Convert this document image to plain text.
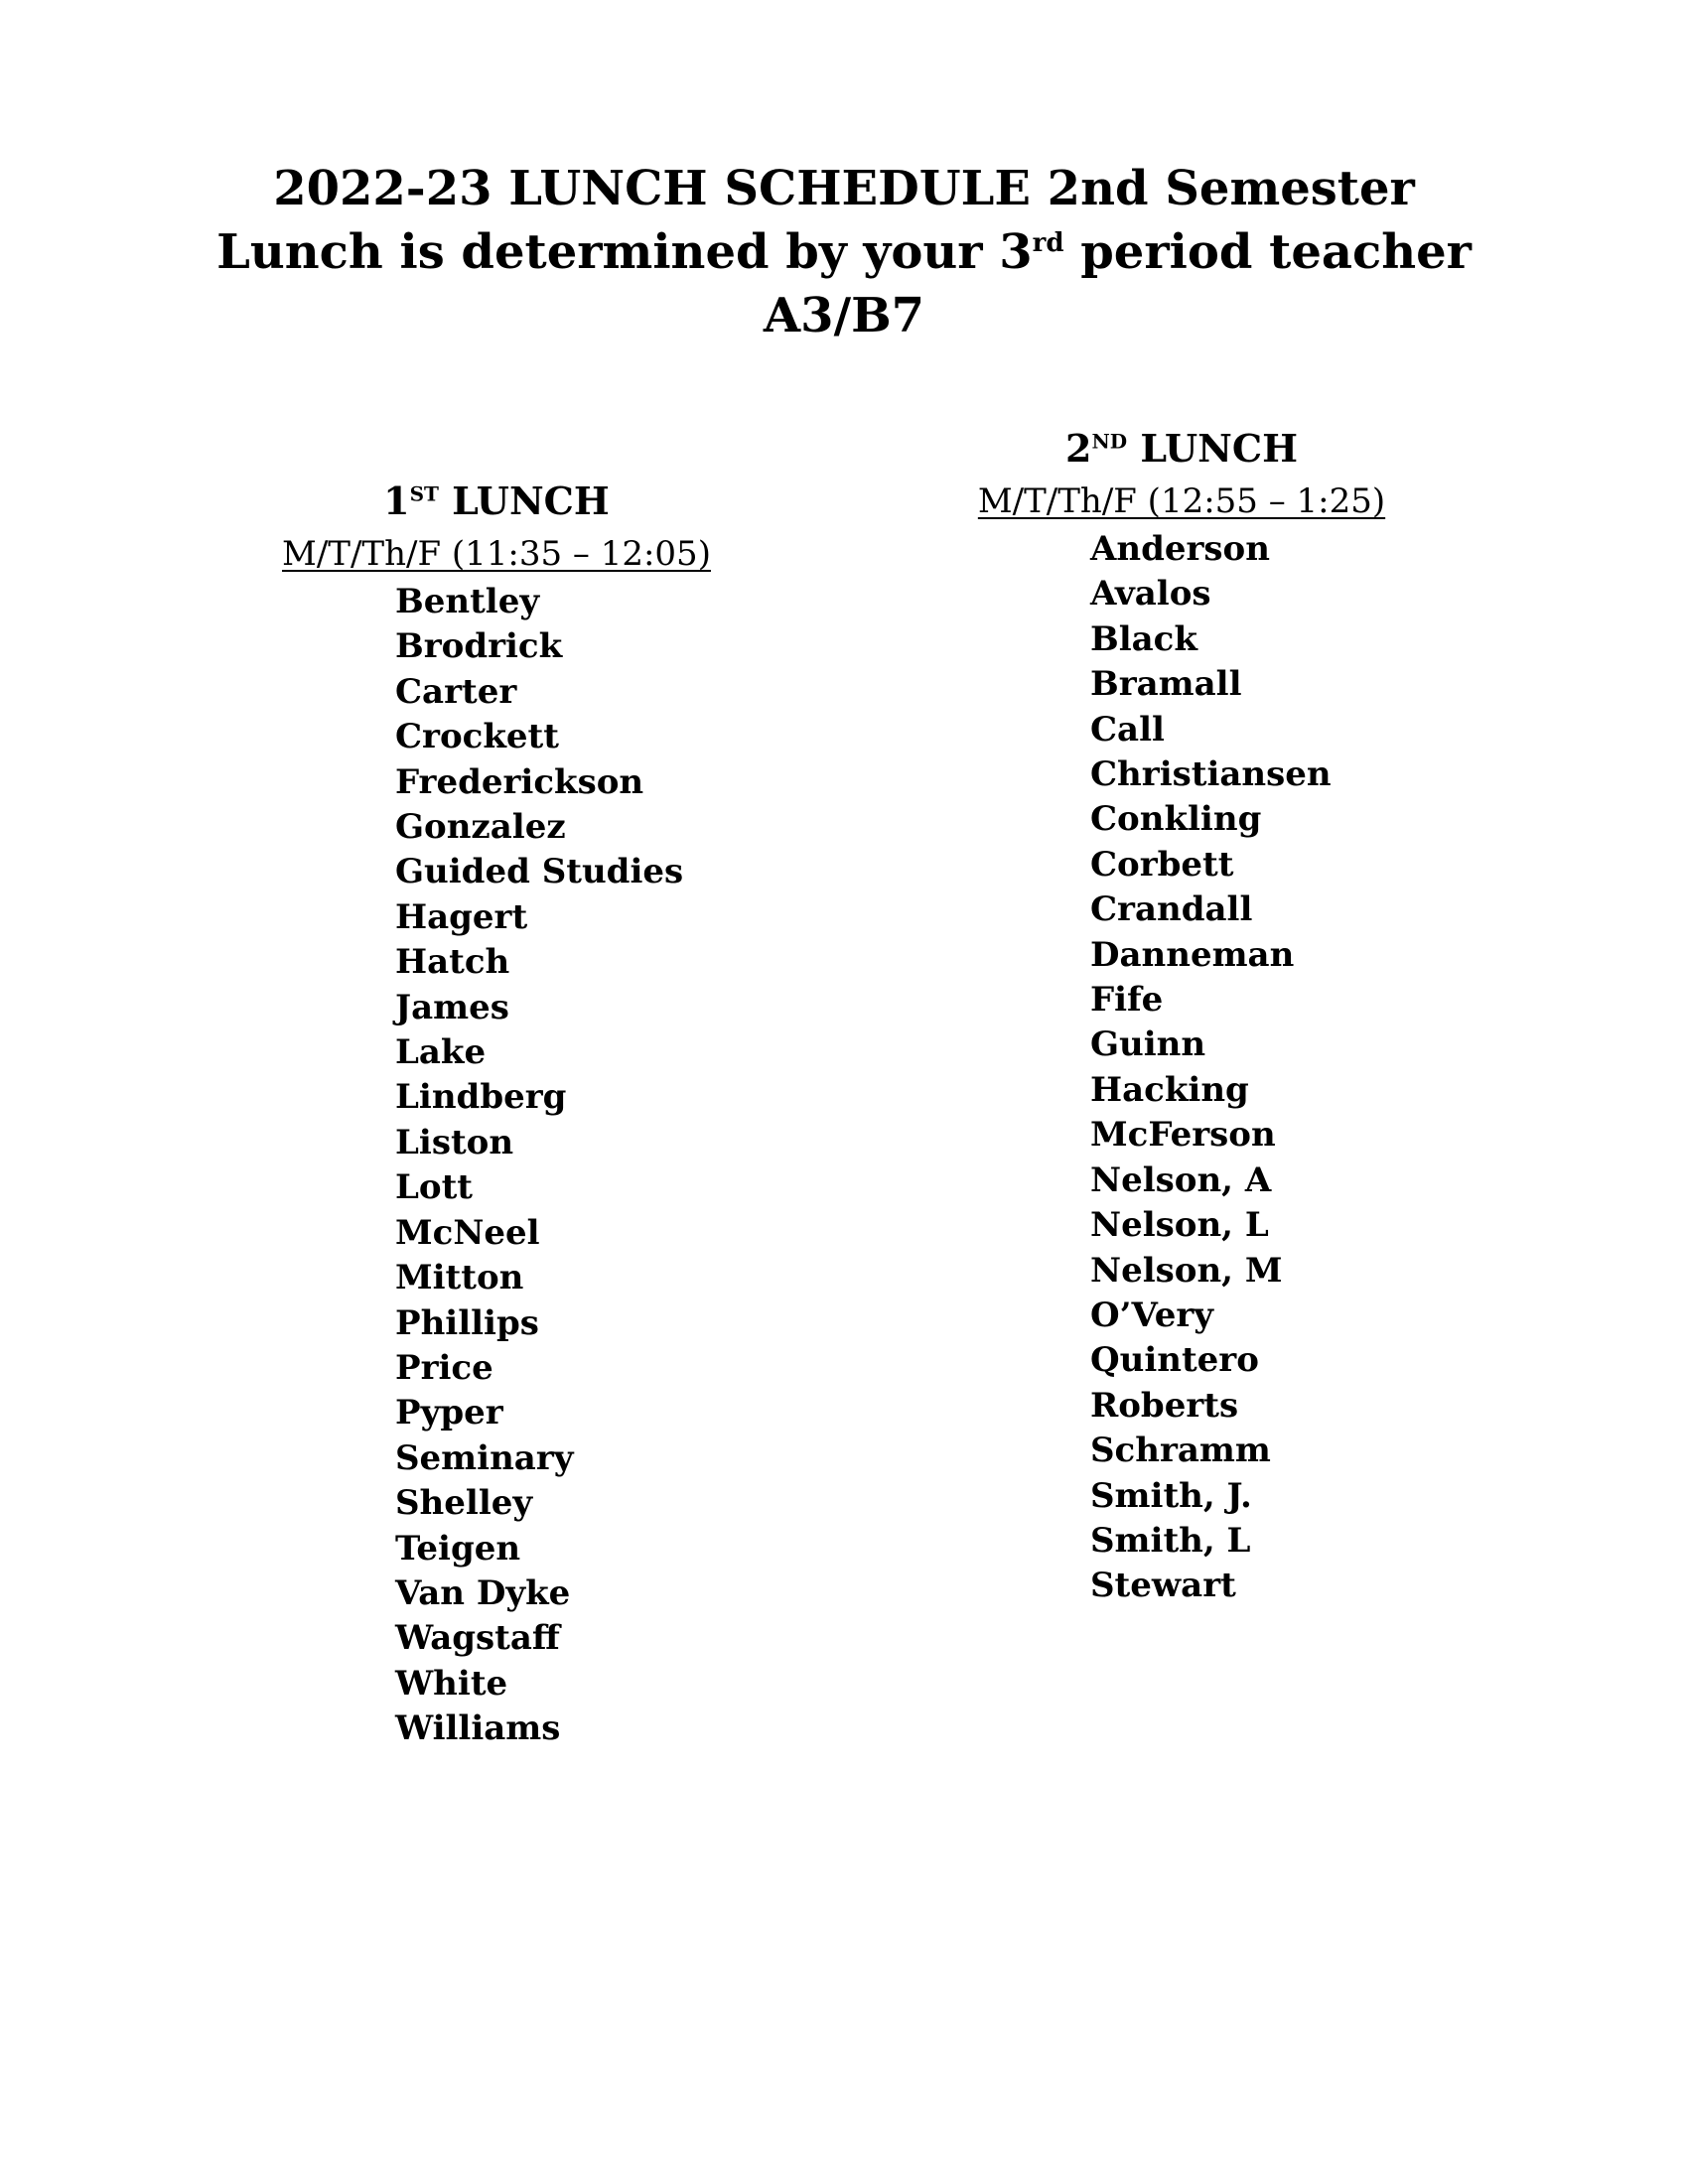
2022-23 LUNCH SCHEDULE 2nd Semester
Lunch is determined by your 3rd period teacher
A3/B7
1ST LUNCH
M/T/Th/F (11:35 – 12:05)
Bentley
Brodrick
Carter
Crockett
Frederickson
Gonzalez
Guided Studies
Hagert
Hatch
James
Lake
Lindberg
Liston
Lott
McNeel
Mitton
Phillips
Price
Pyper
Seminary
Shelley
Teigen
Van Dyke
Wagstaff
White
Williams
2ND LUNCH
M/T/Th/F (12:55 – 1:25)
Anderson
Avalos
Black
Bramall
Call
Christiansen
Conkling
Corbett
Crandall
Danneman
Fife
Guinn
Hacking
McFerson
Nelson, A
Nelson, L
Nelson, M
O’Very
Quintero
Roberts
Schramm
Smith, J.
Smith, L
Stewart
